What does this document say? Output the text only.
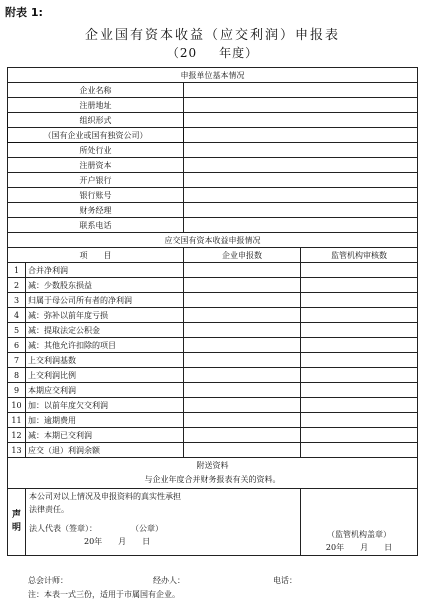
附表 1:
企业国有资本收益（应交利润）申报表
（20 年度）
申报单位基本情况			
企业名称			
注册地址			
组织形式			
（国有企业或国有独资公司）			
所处行业			
注册资本			
开户银行			
银行账号			
财务经理			
联系电话			
应交国有资本收益申报情况			
项　　目		企业申报数	监管机构审核数
1	合并净利润		
2	减：少数股东损益		
3	归属于母公司所有者的净利润		
4	减：弥补以前年度亏损		
5	减：提取法定公积金		
6	减：其他允许扣除的项目		
7	上交利润基数		
8	上交利润比例		
9	本期应交利润		
10	加：以前年度欠交利润		
11	加：逾期费用		
12	减：本期已交利润		
13	应交（退）利润余额		

附送资料
与企业年度合并财务报表有关的资料。			

声
明	本公司对以上情况及申报资料的真实性承担
法律责任。
法人代表（签章）： （公章）
20年　　月　　日		（监管机构盖章）
20年　　月　　日
总会计师：	经办人：	电话：
注：本表一式三份，适用于市属国有企业。
